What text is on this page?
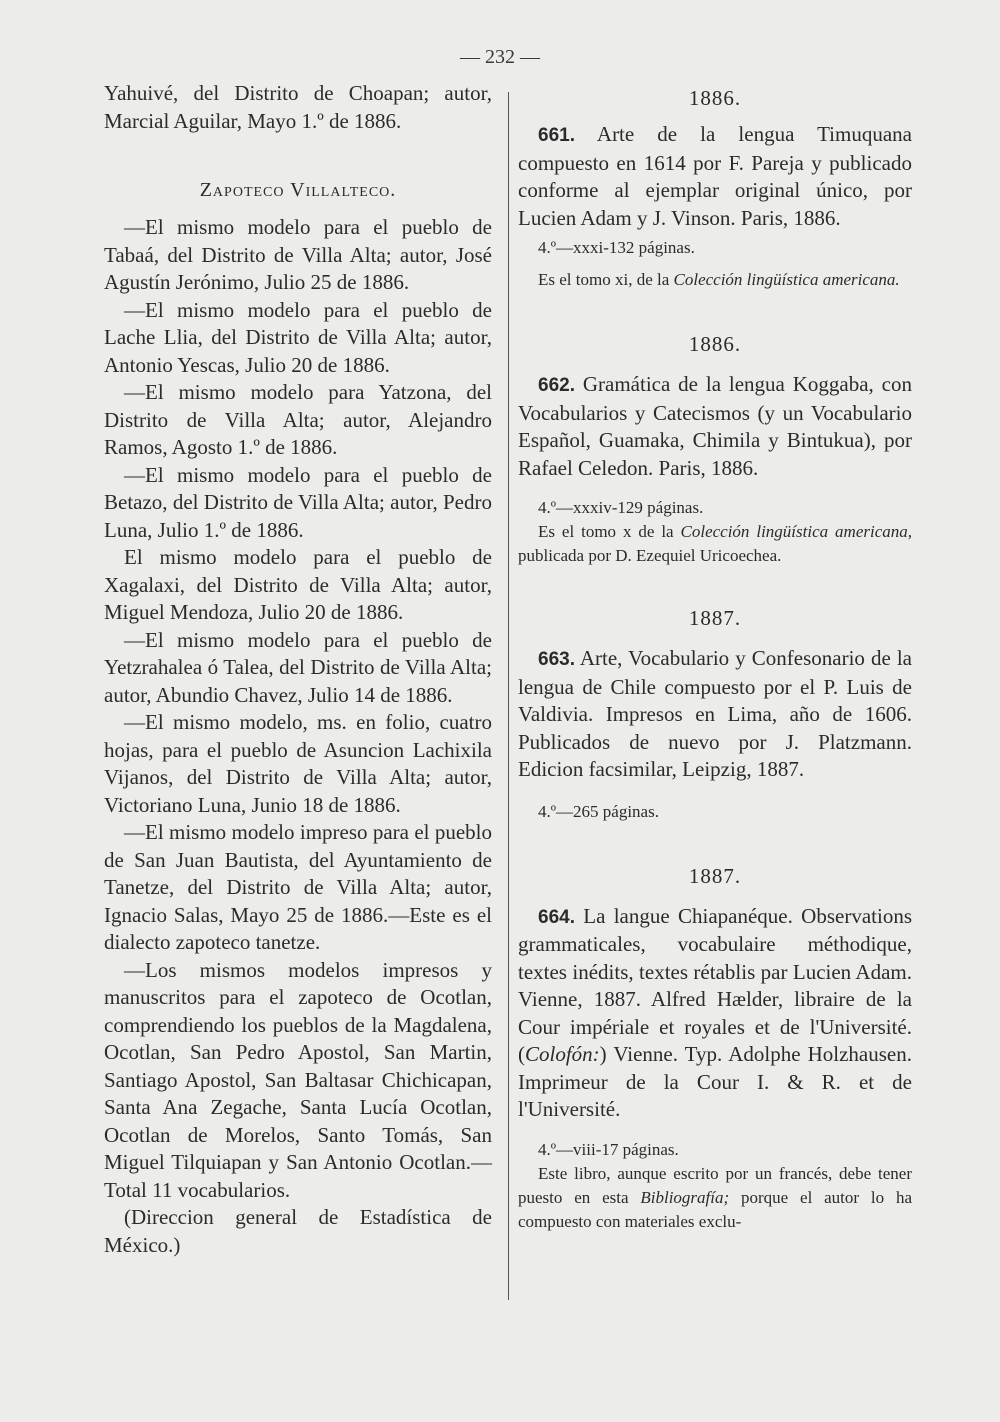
— 232 —

Yahuivé, del Distrito de Choapan; autor, Marcial Aguilar, Mayo 1.º de 1886.

Zapoteco Villalteco.

—El mismo modelo para el pueblo de Tabaá, del Distrito de Villa Alta; autor, José Agustín Jerónimo, Julio 25 de 1886.

—El mismo modelo para el pueblo de Lache Llia, del Distrito de Villa Alta; autor, Antonio Yescas, Julio 20 de 1886.

—El mismo modelo para Yatzona, del Distrito de Villa Alta; autor, Alejandro Ramos, Agosto 1.º de 1886.

—El mismo modelo para el pueblo de Betazo, del Distrito de Villa Alta; autor, Pedro Luna, Julio 1.º de 1886.

El mismo modelo para el pueblo de Xagalaxi, del Distrito de Villa Alta; autor, Miguel Mendoza, Julio 20 de 1886.

—El mismo modelo para el pueblo de Yetzrahalea ó Talea, del Distrito de Villa Alta; autor, Abundio Chavez, Julio 14 de 1886.

—El mismo modelo, ms. en folio, cuatro hojas, para el pueblo de Asuncion Lachixila Vijanos, del Distrito de Villa Alta; autor, Victoriano Luna, Junio 18 de 1886.

—El mismo modelo impreso para el pueblo de San Juan Bautista, del Ayuntamiento de Tanetze, del Distrito de Villa Alta; autor, Ignacio Salas, Mayo 25 de 1886.—Este es el dialecto zapoteco tanetze.

—Los mismos modelos impresos y manuscritos para el zapoteco de Ocotlan, comprendiendo los pueblos de la Magdalena, Ocotlan, San Pedro Apostol, San Martin, Santiago Apostol, San Baltasar Chichicapan, Santa Ana Zegache, Santa Lucía Ocotlan, Ocotlan de Morelos, Santo Tomás, San Miguel Tilquiapan y San Antonio Ocotlan.—Total 11 vocabularios.

(Direccion general de Estadística de México.)

1886.

661. Arte de la lengua Timuquana compuesto en 1614 por F. Pareja y publicado conforme al ejemplar original único, por Lucien Adam y J. Vinson. Paris, 1886.

4.º—xxxi-132 páginas.

Es el tomo xi, de la Colección lingüística americana.

1886.

662. Gramática de la lengua Koggaba, con Vocabularios y Catecismos (y un Vocabulario Español, Guamaka, Chimila y Bintukua), por Rafael Celedon. Paris, 1886.

4.º—xxxiv-129 páginas.

Es el tomo x de la Colección lingüística americana, publicada por D. Ezequiel Uricoechea.

1887.

663. Arte, Vocabulario y Confesonario de la lengua de Chile compuesto por el P. Luis de Valdivia. Impresos en Lima, año de 1606. Publicados de nuevo por J. Platzmann. Edicion facsimilar, Leipzig, 1887.

4.º—265 páginas.

1887.

664. La langue Chiapanéque. Observations grammaticales, vocabulaire méthodique, textes inédits, textes rétablis par Lucien Adam. Vienne, 1887. Alfred Hælder, libraire de la Cour impériale et royales et de l'Université. (Colofón:) Vienne. Typ. Adolphe Holzhausen. Imprimeur de la Cour I. & R. et de l'Université.

4.º—viii-17 páginas.

Este libro, aunque escrito por un francés, debe tener puesto en esta Bibliografía; porque el autor lo ha compuesto con materiales exclu-
